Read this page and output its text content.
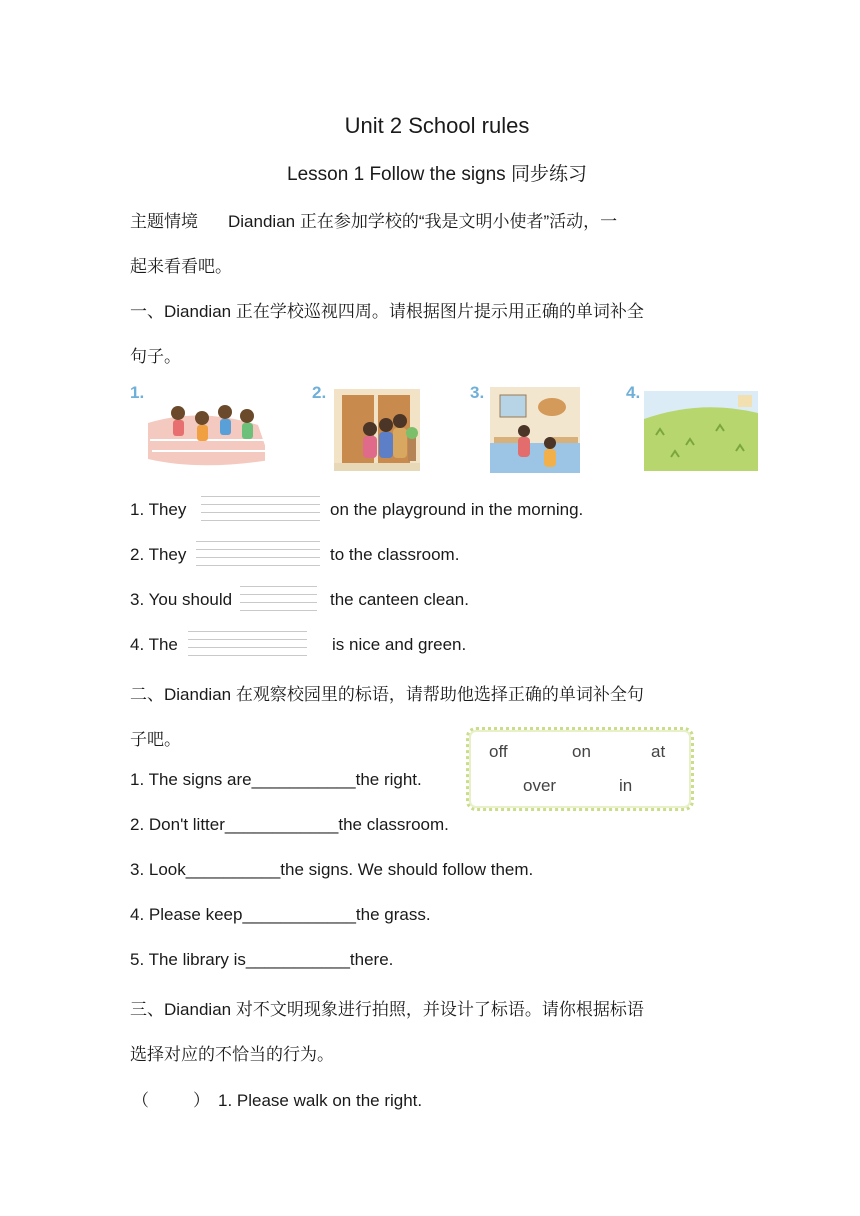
Unit 2 School rules
Lesson 1 Follow the signs 同步练习
主题情境 Diandian 正在参加学校的“我是文明小使者”活动，一
起来看看吧。
一、Diandian 正在学校巡视四周。请根据图片提示用正确的单词补全
句子。
1.	2.	3.	4.
1. They	on the playground in the morning.
2. They	to the classroom.
3. You should	the canteen clean.
4. The	is nice and green.
二、Diandian 在观察校园里的标语，请帮助他选择正确的单词补全句
子吧。
off	on	at
over	in
1. The signs are___________the right.
2. Don't litter____________the classroom.
3. Look__________the signs. We should follow them.
4. Please keep____________the grass.
5. The library is___________there.
三、Diandian 对不文明现象进行拍照，并设计了标语。请你根据标语
选择对应的不恰当的行为。
（	） 1. Please walk on the right.
